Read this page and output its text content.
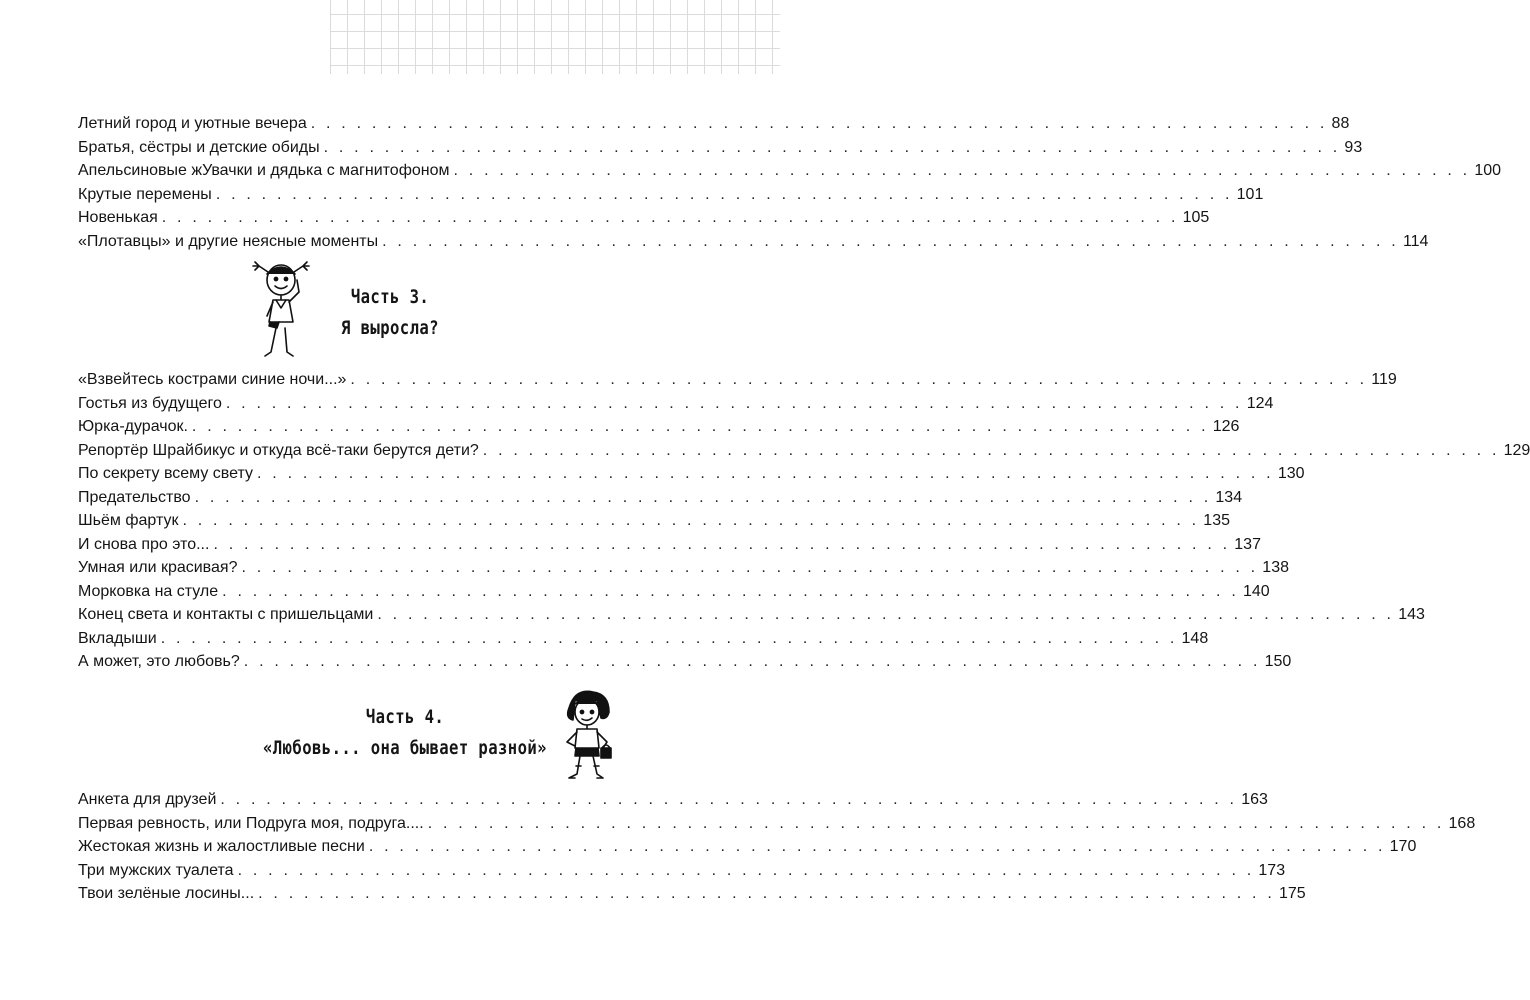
Летний город и уютные вечера . . . . . . . . . . . . . . . . . . . . . . . . . . . . . . . . . . . . . . . . . . . . . . . . . . . . . . . . . . . . . . . . . . . 88
Братья, сёстры и детские обиды . . . . . . . . . . . . . . . . . . . . . . . . . . . . . . . . . . . . . . . . . . . . . . . . . . . . . . . . . . . . . . . . . . . 93
Апельсиновые жУвачки и дядька с магнитофоном . . . . . . . . . . . . . . . . . . . . . . . . . . . . . . . . . . . . . . . . . . . . . . . . . . . . . . . . . . . . . . . . . . . 100
Крутые перемены . . . . . . . . . . . . . . . . . . . . . . . . . . . . . . . . . . . . . . . . . . . . . . . . . . . . . . . . . . . . . . . . . . . 101
Новенькая . . . . . . . . . . . . . . . . . . . . . . . . . . . . . . . . . . . . . . . . . . . . . . . . . . . . . . . . . . . . . . . . . . . 105
«Плотавцы» и другие неясные моменты . . . . . . . . . . . . . . . . . . . . . . . . . . . . . . . . . . . . . . . . . . . . . . . . . . . . . . . . . . . . . . . . . . . 114
Часть 3.
Я выросла?
«Взвейтесь кострами синие ночи...» . . . . . . . . . . . . . . . . . . . . . . . . . . . . . . . . . . . . . . . . . . . . . . . . . . . . . . . . . . . . . . . . . . . 119
Гостья из будущего . . . . . . . . . . . . . . . . . . . . . . . . . . . . . . . . . . . . . . . . . . . . . . . . . . . . . . . . . . . . . . . . . . . 124
Юрка-дурачок. . . . . . . . . . . . . . . . . . . . . . . . . . . . . . . . . . . . . . . . . . . . . . . . . . . . . . . . . . . . . . . . . . . . 126
Репортёр Шрайбикус и откуда всё-таки берутся дети? . . . . . . . . . . . . . . . . . . . . . . . . . . . . . . . . . . . . . . . . . . . . . . . . . . . . . . . . . . . . . . . . . . . 129
По секрету всему свету . . . . . . . . . . . . . . . . . . . . . . . . . . . . . . . . . . . . . . . . . . . . . . . . . . . . . . . . . . . . . . . . . . . 130
Предательство . . . . . . . . . . . . . . . . . . . . . . . . . . . . . . . . . . . . . . . . . . . . . . . . . . . . . . . . . . . . . . . . . . . 134
Шьём фартук . . . . . . . . . . . . . . . . . . . . . . . . . . . . . . . . . . . . . . . . . . . . . . . . . . . . . . . . . . . . . . . . . . . 135
И снова про это... . . . . . . . . . . . . . . . . . . . . . . . . . . . . . . . . . . . . . . . . . . . . . . . . . . . . . . . . . . . . . . . . . . . 137
Умная или красивая? . . . . . . . . . . . . . . . . . . . . . . . . . . . . . . . . . . . . . . . . . . . . . . . . . . . . . . . . . . . . . . . . . . . 138
Морковка на стуле . . . . . . . . . . . . . . . . . . . . . . . . . . . . . . . . . . . . . . . . . . . . . . . . . . . . . . . . . . . . . . . . . . . 140
Конец света и контакты с пришельцами . . . . . . . . . . . . . . . . . . . . . . . . . . . . . . . . . . . . . . . . . . . . . . . . . . . . . . . . . . . . . . . . . . . 143
Вкладыши . . . . . . . . . . . . . . . . . . . . . . . . . . . . . . . . . . . . . . . . . . . . . . . . . . . . . . . . . . . . . . . . . . . 148
А может, это любовь? . . . . . . . . . . . . . . . . . . . . . . . . . . . . . . . . . . . . . . . . . . . . . . . . . . . . . . . . . . . . . . . . . . . 150
Часть 4.
«Любовь... она бывает разной»
Анкета для друзей . . . . . . . . . . . . . . . . . . . . . . . . . . . . . . . . . . . . . . . . . . . . . . . . . . . . . . . . . . . . . . . . . . . 163
Первая ревность, или Подруга моя, подруга.... . . . . . . . . . . . . . . . . . . . . . . . . . . . . . . . . . . . . . . . . . . . . . . . . . . . . . . . . . . . . . . . . . . . 168
Жестокая жизнь и жалостливые песни . . . . . . . . . . . . . . . . . . . . . . . . . . . . . . . . . . . . . . . . . . . . . . . . . . . . . . . . . . . . . . . . . . . 170
Три мужских туалета . . . . . . . . . . . . . . . . . . . . . . . . . . . . . . . . . . . . . . . . . . . . . . . . . . . . . . . . . . . . . . . . . . . 173
Твои зелёные лосины... . . . . . . . . . . . . . . . . . . . . . . . . . . . . . . . . . . . . . . . . . . . . . . . . . . . . . . . . . . . . . . . . . . . 175
